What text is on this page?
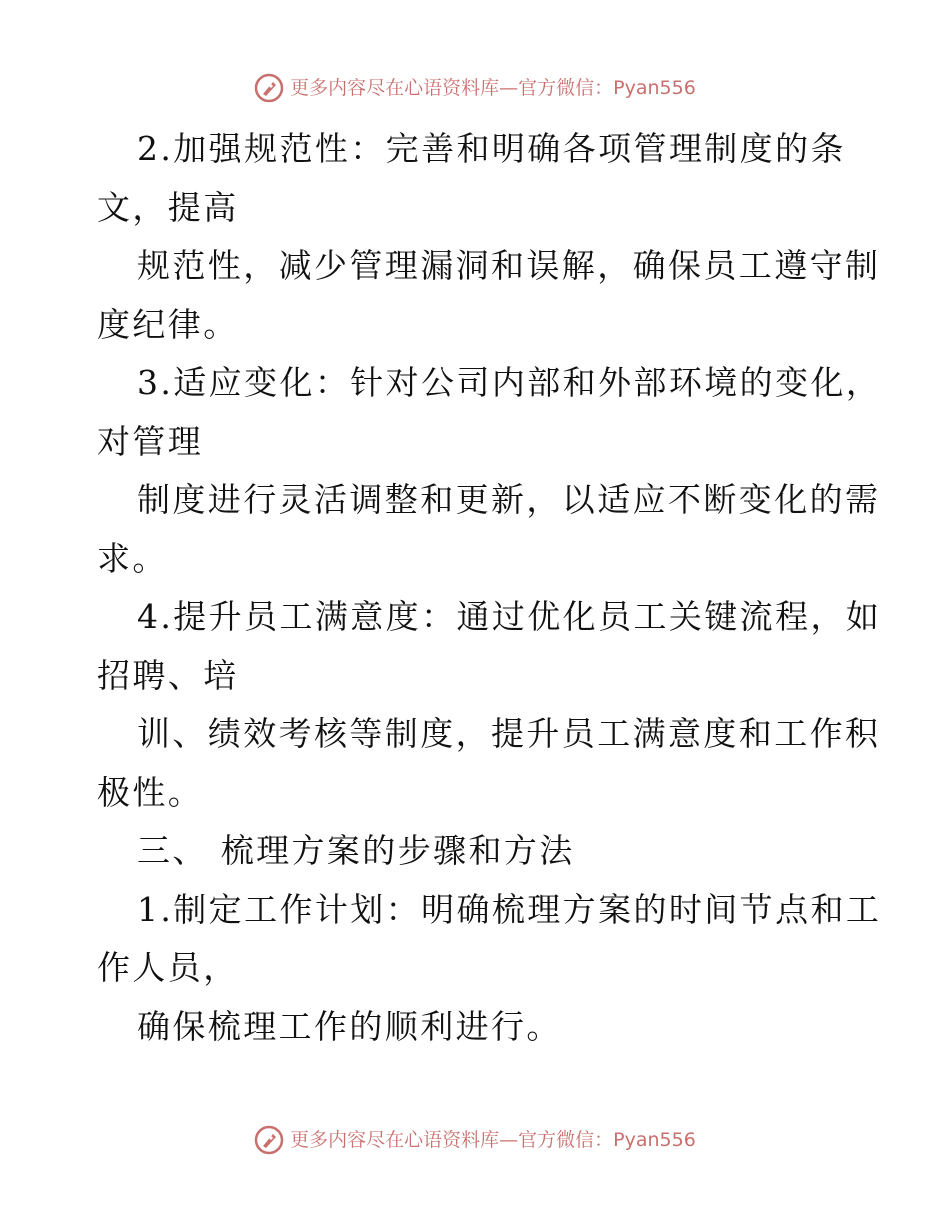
更多内容尽在心语资料库—官方微信：Pyan556
2.加强规范性：完善和明确各项管理制度的条
文，提高
规范性，减少管理漏洞和误解，确保员工遵守制
度纪律。
3.适应变化：针对公司内部和外部环境的变化，
对管理
制度进行灵活调整和更新，以适应不断变化的需
求。
4.提升员工满意度：通过优化员工关键流程，如
招聘、培
训、绩效考核等制度，提升员工满意度和工作积
极性。
三、 梳理方案的步骤和方法
1.制定工作计划：明确梳理方案的时间节点和工
作人员，
确保梳理工作的顺利进行。
更多内容尽在心语资料库—官方微信：Pyan556
